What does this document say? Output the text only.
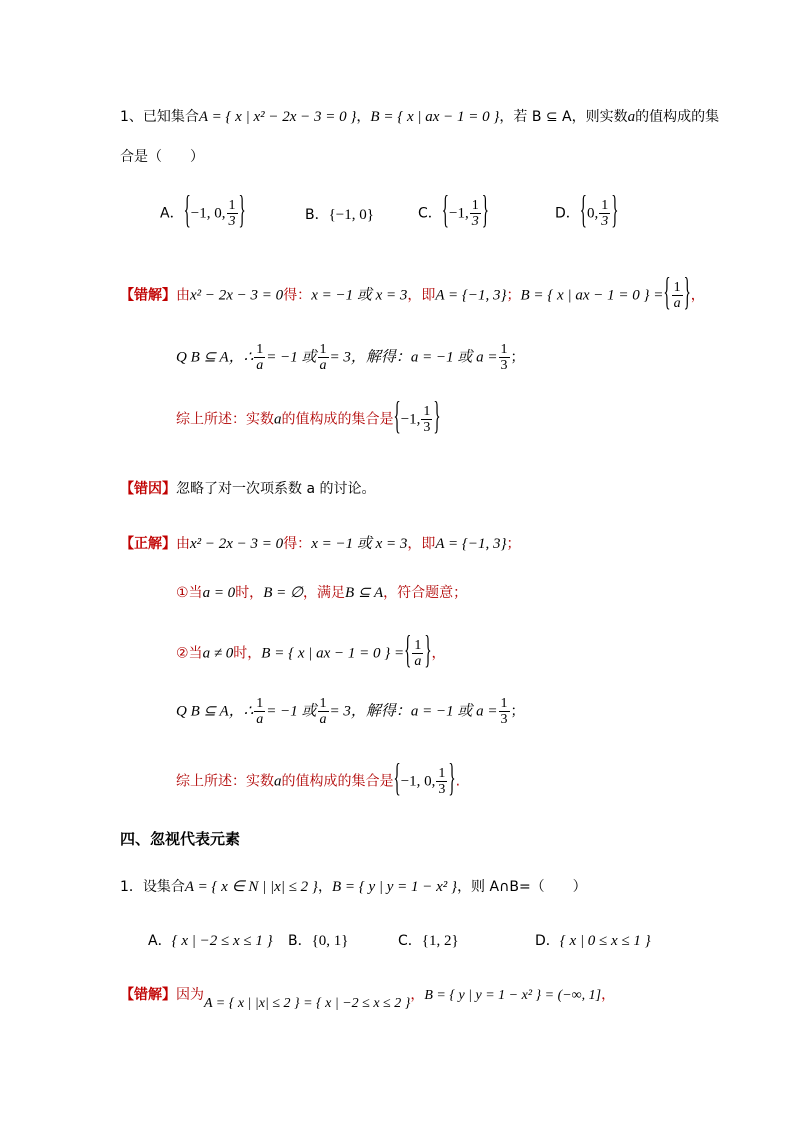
1、已知集合A = { x | x² − 2x − 3 = 0 }，B = { x | ax − 1 = 0 }，若 B ⊆ A，则实数a的值构成的集
合是（　　）
A．{−1, 0, $\frac{1}{3}$ }	B．{−1, 0}	C．{−1, $\frac{1}{3}$ }	D．{0, $\frac{1}{3}$ }
【错解】由x² − 2x − 3 = 0得：x = −1 或 x = 3，即A = {−1, 3}；B = { x | ax − 1 = 0 } ={ $\frac{1}{a}$ }，
Q B ⊆ A，∴ $\frac{1}{a} = -1$ 或 $\frac{1}{a} = 3$，解得：a = −1 或 $a = \frac{1}{3}$ ；
综上所述：实数a的值构成的集合是{−1, $\frac{1}{3}$ }
【错因】忽略了对一次项系数 a 的讨论。
【正解】由x² − 2x − 3 = 0得：x = −1 或 x = 3，即A = {−1, 3}；
①当a = 0时，B = ∅，满足B ⊆ A，符合题意；
②当a ≠ 0时，B = { x | ax − 1 = 0 } ={ $\frac{1}{a}$ }，
Q B ⊆ A，∴ $\frac{1}{a} = -1$ 或 $\frac{1}{a} = 3$，解得：a = −1 或 $a = \frac{1}{3}$ ；
综上所述：实数a的值构成的集合是{−1, 0, $\frac{1}{3}$ }.
四、忽视代表元素
1．设集合A = { x ∈ N | |x| ≤ 2 }，B = { y | y = 1 − x² }，则 A∩B=（　　）
A．{ x | −2 ≤ x ≤ 1 } B．{0, 1}	C．{1, 2}	D．{ x | 0 ≤ x ≤ 1 }
【错解】因为A = { x | |x| ≤ 2 } = { x | −2 ≤ x ≤ 2 }，B = { y | y = 1 − x² } = (−∞, 1]，
